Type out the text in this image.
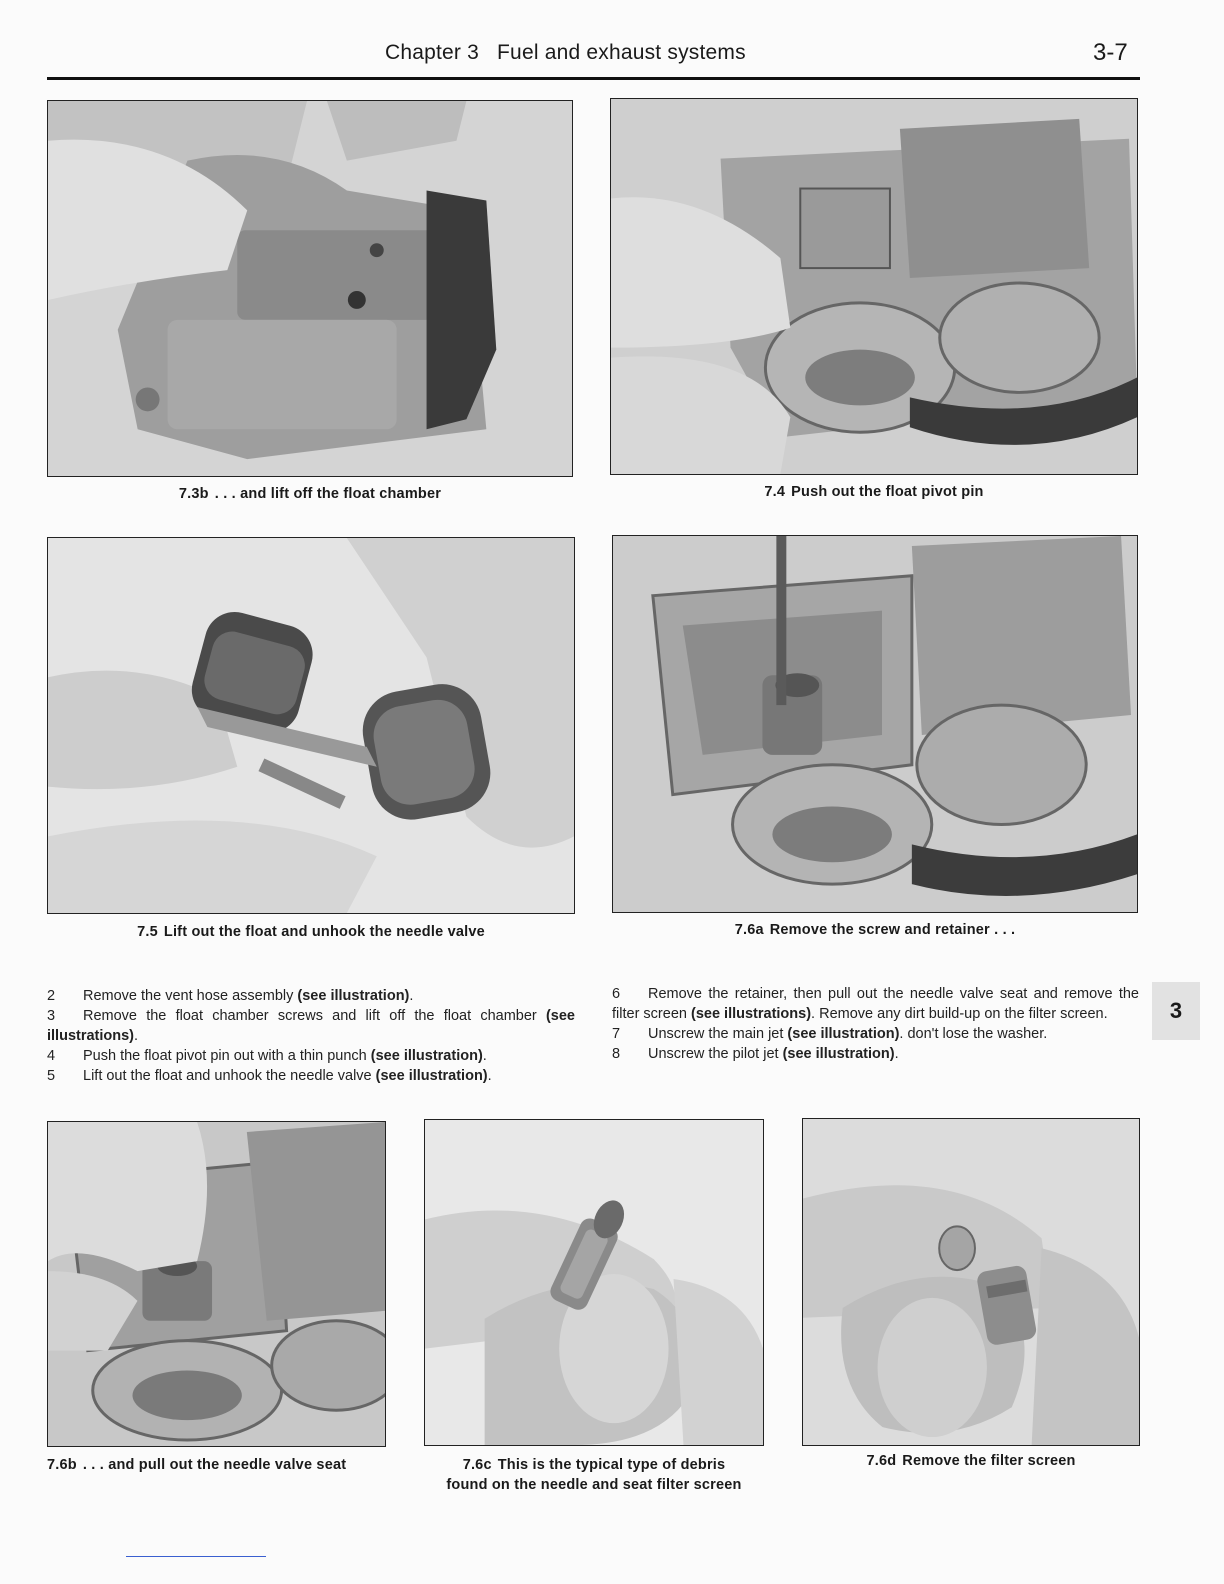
Chapter 3 Fuel and exhaust systems	3-7
7.3b . . . and lift off the float chamber	7.4 Push out the float pivot pin
7.5 Lift out the float and unhook the needle valve	7.6a Remove the screw and retainer . . .
2 Remove the vent hose assembly (see illustration).
3 Remove the float chamber screws and lift off the float chamber (see illustrations).
4 Push the float pivot pin out with a thin punch (see illustration).
5 Lift out the float and unhook the needle valve (see illustration).
6 Remove the retainer, then pull out the needle valve seat and remove the filter screen (see illustrations). Remove any dirt build-up on the filter screen.
7 Unscrew the main jet (see illustration). don't lose the washer.
8 Unscrew the pilot jet (see illustration).
3
7.6b . . . and pull out the needle valve seat	7.6c This is the typical type of debris
found on the needle and seat filter screen
7.6d Remove the filter screen
